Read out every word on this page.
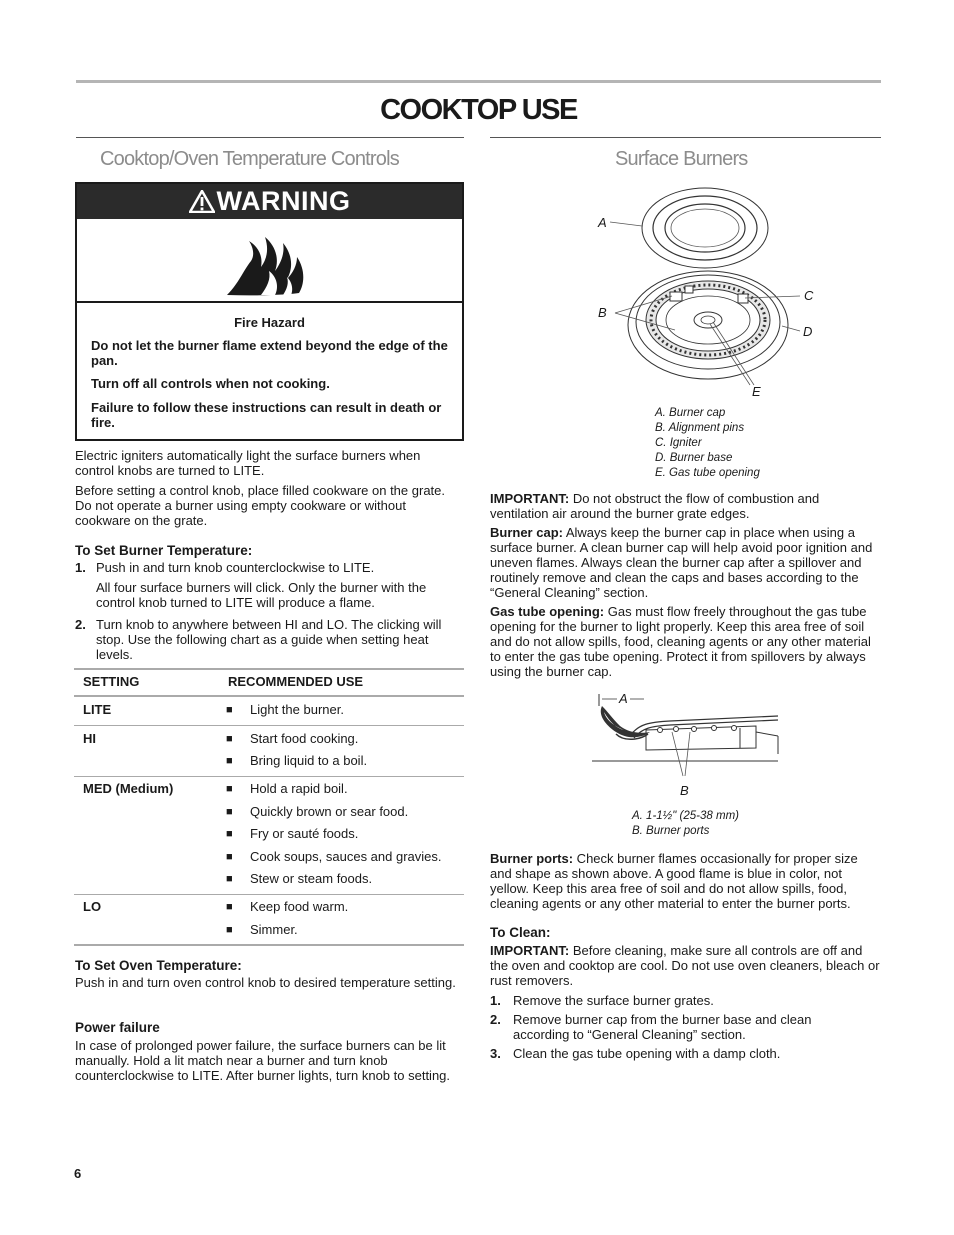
COOKTOP USE
Cooktop/Oven Temperature Controls
WARNING
Fire Hazard
Do not let the burner flame extend beyond the edge of the pan.
Turn off all controls when not cooking.
Failure to follow these instructions can result in death or fire.
Electric igniters automatically light the surface burners when control knobs are turned to LITE.
Before setting a control knob, place filled cookware on the grate. Do not operate a burner using empty cookware or without cookware on the grate.
To Set Burner Temperature:
1. Push in and turn knob counterclockwise to LITE.
All four surface burners will click. Only the burner with the control knob turned to LITE will produce a flame.
2. Turn knob to anywhere between HI and LO. The clicking will stop. Use the following chart as a guide when setting heat levels.
SETTING	RECOMMENDED USE
LITE	■ Light the burner.
HI	■ Start food cooking.
■ Bring liquid to a boil.
MED (Medium)	■ Hold a rapid boil.
■ Quickly brown or sear food.
■ Fry or sauté foods.
■ Cook soups, sauces and gravies.
■ Stew or steam foods.
LO	■ Keep food warm.
■ Simmer.
To Set Oven Temperature:
Push in and turn oven control knob to desired temperature setting.
Power failure
In case of prolonged power failure, the surface burners can be lit manually. Hold a lit match near a burner and turn knob counterclockwise to LITE. After burner lights, turn knob to setting.
6
Surface Burners
A
B
C
D
E
A. Burner cap
B. Alignment pins
C. Igniter
D. Burner base
E. Gas tube opening
IMPORTANT: Do not obstruct the flow of combustion and ventilation air around the burner grate edges.
Burner cap: Always keep the burner cap in place when using a surface burner. A clean burner cap will help avoid poor ignition and uneven flames. Always clean the burner cap after a spillover and routinely remove and clean the caps and bases according to the “General Cleaning” section.
Gas tube opening: Gas must flow freely throughout the gas tube opening for the burner to light properly. Keep this area free of soil and do not allow spills, food, cleaning agents or any other material to enter the gas tube opening. Protect it from spillovers by always using the burner cap.
A
B
A. 1-1½" (25-38 mm)
B. Burner ports
Burner ports: Check burner flames occasionally for proper size and shape as shown above. A good flame is blue in color, not yellow. Keep this area free of soil and do not allow spills, food, cleaning agents or any other material to enter the burner ports.
To Clean:
IMPORTANT: Before cleaning, make sure all controls are off and the oven and cooktop are cool. Do not use oven cleaners, bleach or rust removers.
1. Remove the surface burner grates.
2. Remove burner cap from the burner base and clean according to “General Cleaning” section.
3. Clean the gas tube opening with a damp cloth.
